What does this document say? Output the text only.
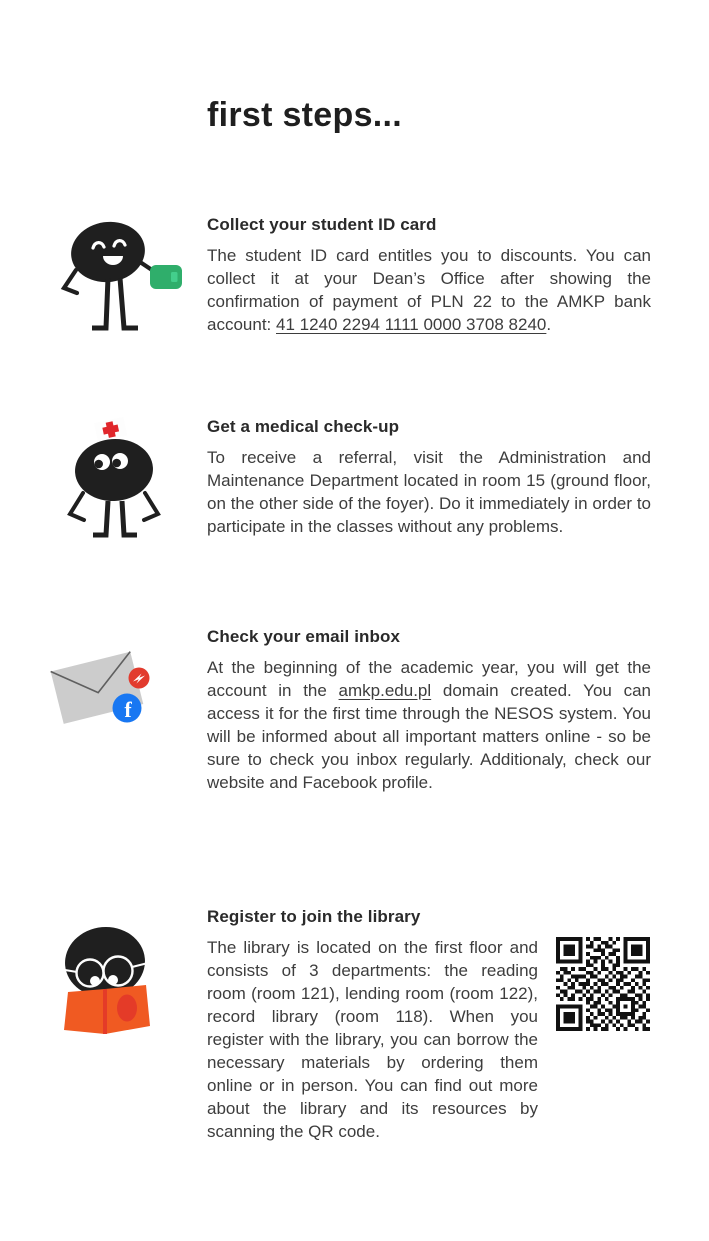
first steps...
Collect your student ID card

The student ID card entitles you to discounts. You can collect it at your Dean’s Office after showing the confirmation of payment of PLN 22 to the AMKP bank account: 41 1240 2294 1111 0000 3708 8240.

Get a medical check-up

To receive a referral, visit the Administration and Maintenance Department located in room 15 (ground floor, on the other side of the foyer). Do it immediately in order to participate in the classes without any problems.

f
Check your email inbox

At the beginning of the academic year, you will get the account in the amkp.edu.pl domain created. You can access it for the first time through the NESOS system. You will be informed about all important matters online - so be sure to check you inbox regularly. Additionaly, check our website and Facebook profile.

Register to join the library

The library is located on the first floor and consists of 3 departments: the reading room (room 121), lending room (room 122), record library (room 118). When you register with the library, you can borrow the necessary materials by ordering them online or in person. You can find out more about the library and its resources by scanning the QR code.
